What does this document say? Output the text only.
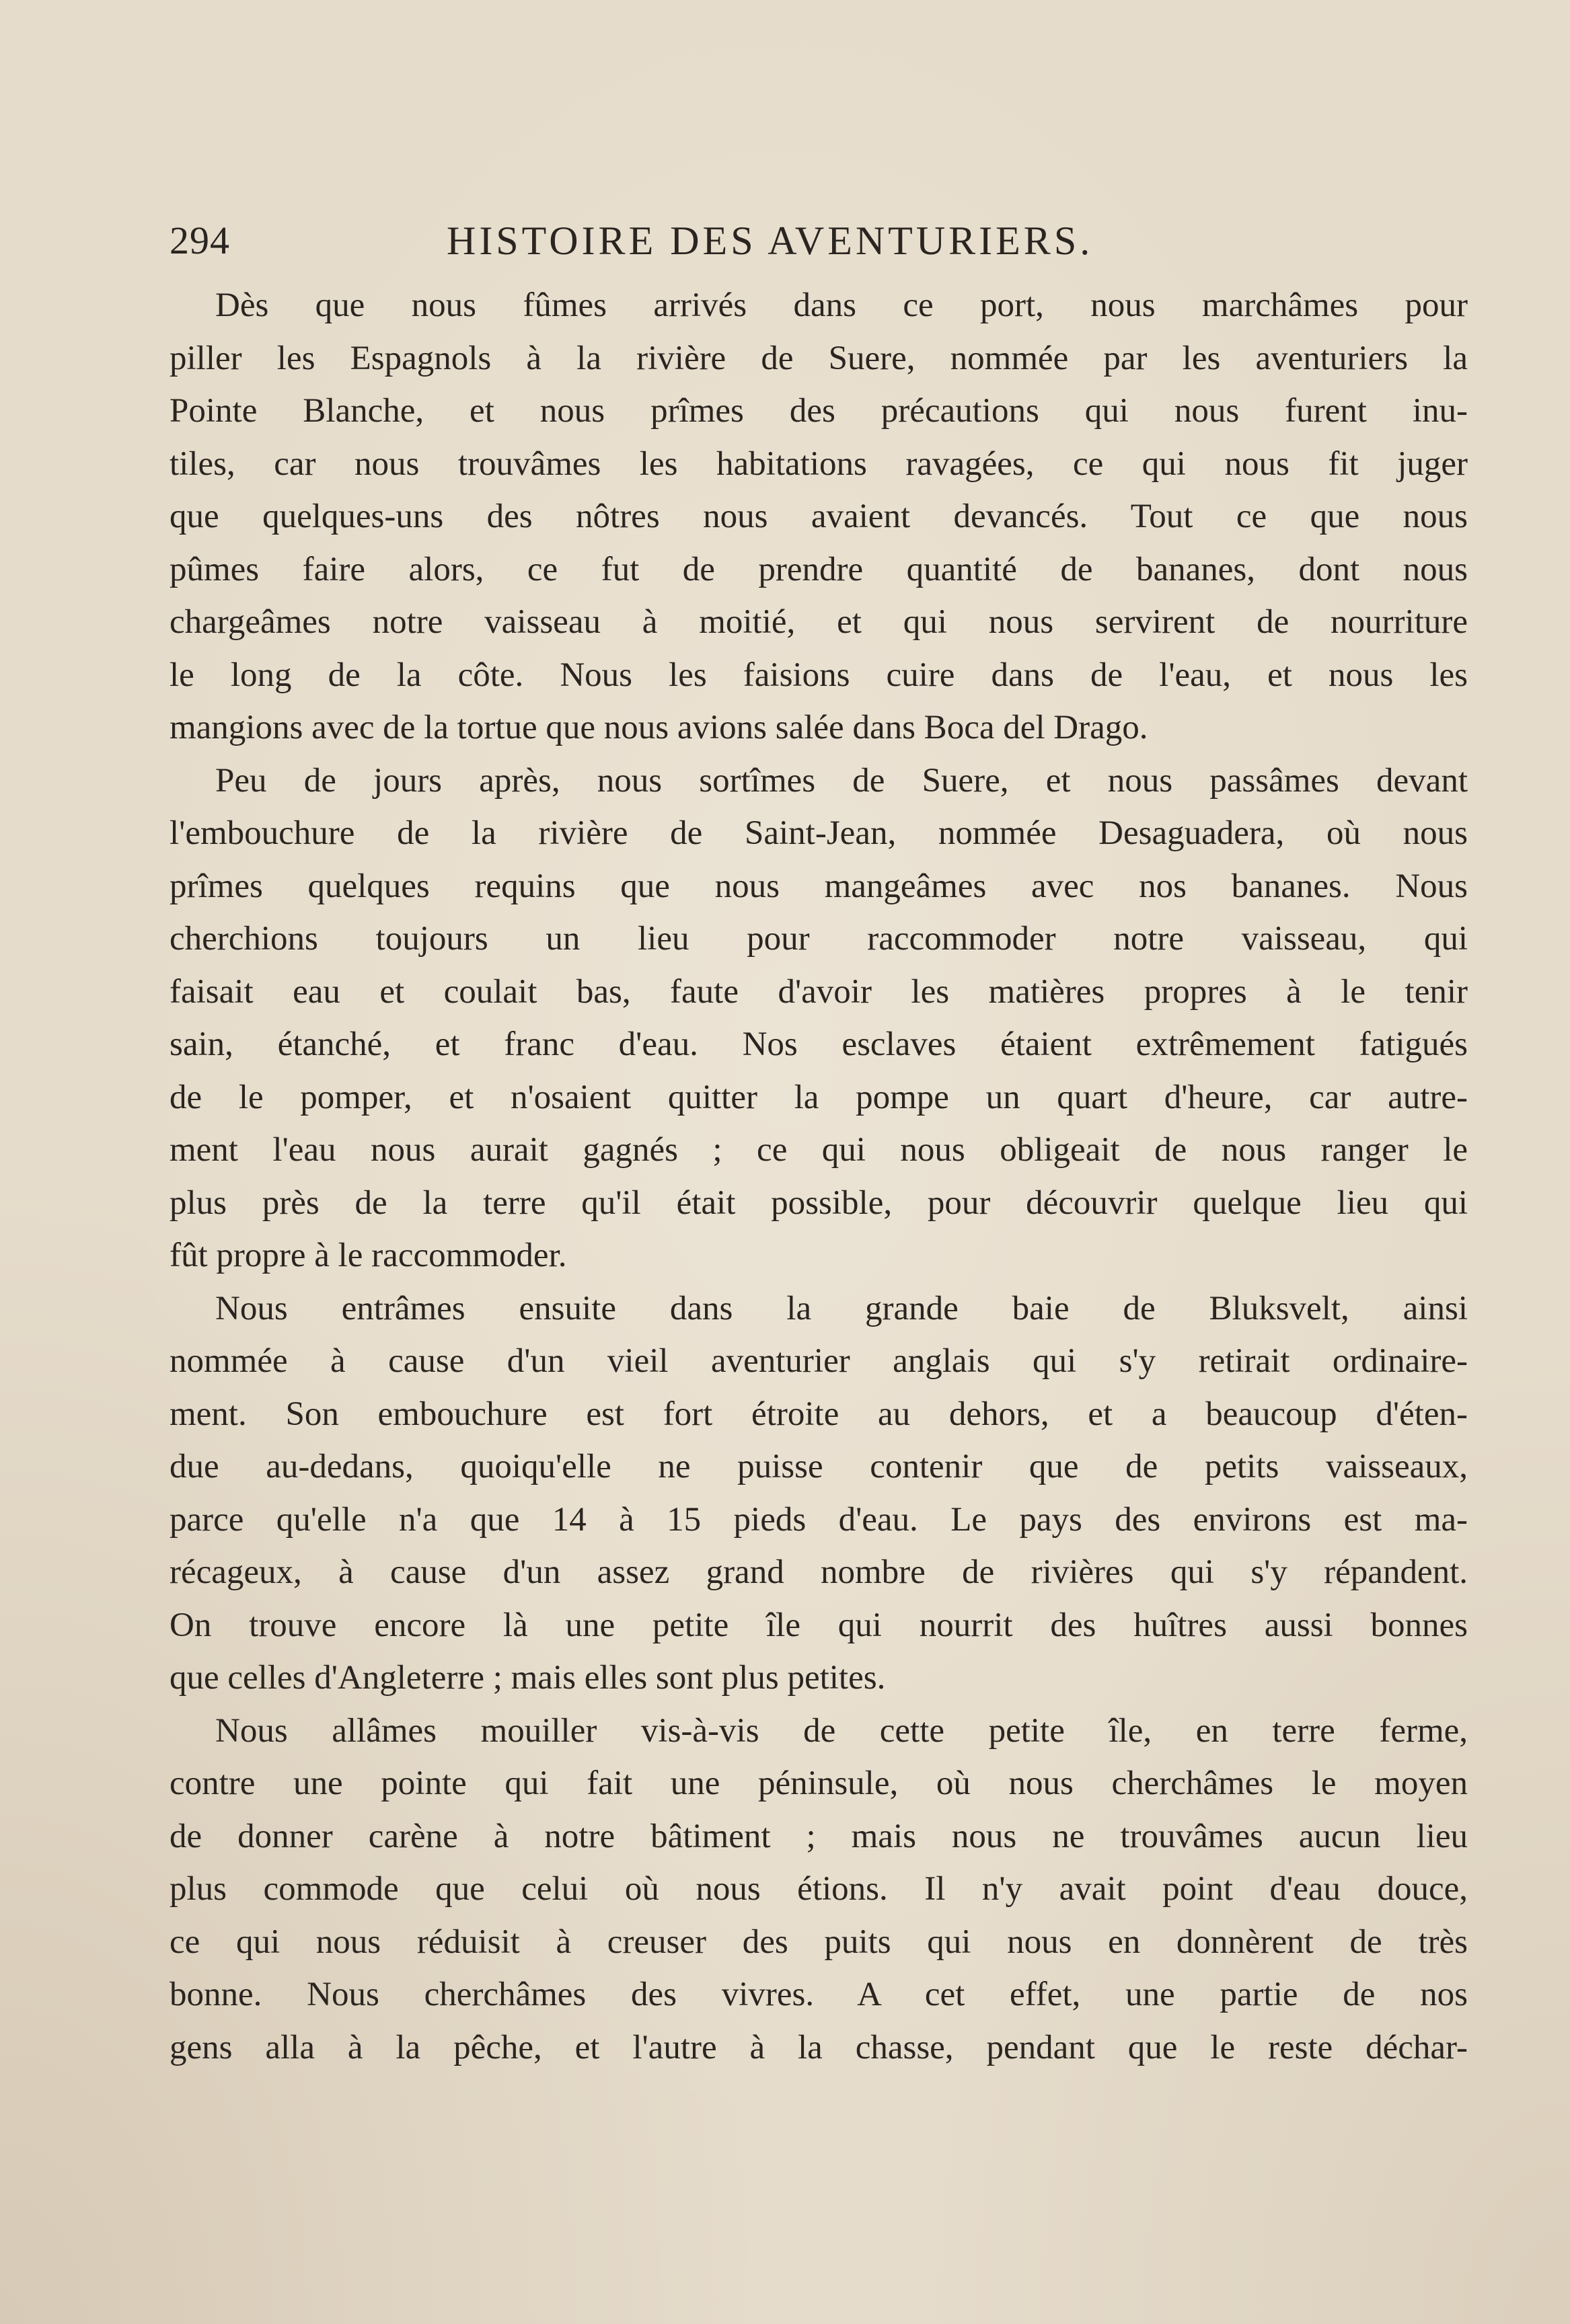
294	HISTOIRE DES AVENTURIERS.
Dès que nous fûmes arrivés dans ce port, nous marchâmes pour
piller les Espagnols à la rivière de Suere, nommée par les aventuriers la
Pointe Blanche, et nous prîmes des précautions qui nous furent inu-
tiles, car nous trouvâmes les habitations ravagées, ce qui nous fit juger
que quelques-uns des nôtres nous avaient devancés. Tout ce que nous
pûmes faire alors, ce fut de prendre quantité de bananes, dont nous
chargeâmes notre vaisseau à moitié, et qui nous servirent de nourriture
le long de la côte. Nous les faisions cuire dans de l'eau, et nous les
mangions avec de la tortue que nous avions salée dans Boca del Drago.
Peu de jours après, nous sortîmes de Suere, et nous passâmes devant
l'embouchure de la rivière de Saint-Jean, nommée Desaguadera, où nous
prîmes quelques requins que nous mangeâmes avec nos bananes. Nous
cherchions toujours un lieu pour raccommoder notre vaisseau, qui
faisait eau et coulait bas, faute d'avoir les matières propres à le tenir
sain, étanché, et franc d'eau. Nos esclaves étaient extrêmement fatigués
de le pomper, et n'osaient quitter la pompe un quart d'heure, car autre-
ment l'eau nous aurait gagnés ; ce qui nous obligeait de nous ranger le
plus près de la terre qu'il était possible, pour découvrir quelque lieu qui
fût propre à le raccommoder.
Nous entrâmes ensuite dans la grande baie de Bluksvelt, ainsi
nommée à cause d'un vieil aventurier anglais qui s'y retirait ordinaire-
ment. Son embouchure est fort étroite au dehors, et a beaucoup d'éten-
due au-dedans, quoiqu'elle ne puisse contenir que de petits vaisseaux,
parce qu'elle n'a que 14 à 15 pieds d'eau. Le pays des environs est ma-
récageux, à cause d'un assez grand nombre de rivières qui s'y répandent.
On trouve encore là une petite île qui nourrit des huîtres aussi bonnes
que celles d'Angleterre ; mais elles sont plus petites.
Nous allâmes mouiller vis-à-vis de cette petite île, en terre ferme,
contre une pointe qui fait une péninsule, où nous cherchâmes le moyen
de donner carène à notre bâtiment ; mais nous ne trouvâmes aucun lieu
plus commode que celui où nous étions. Il n'y avait point d'eau douce,
ce qui nous réduisit à creuser des puits qui nous en donnèrent de très
bonne. Nous cherchâmes des vivres. A cet effet, une partie de nos
gens alla à la pêche, et l'autre à la chasse, pendant que le reste déchar-
